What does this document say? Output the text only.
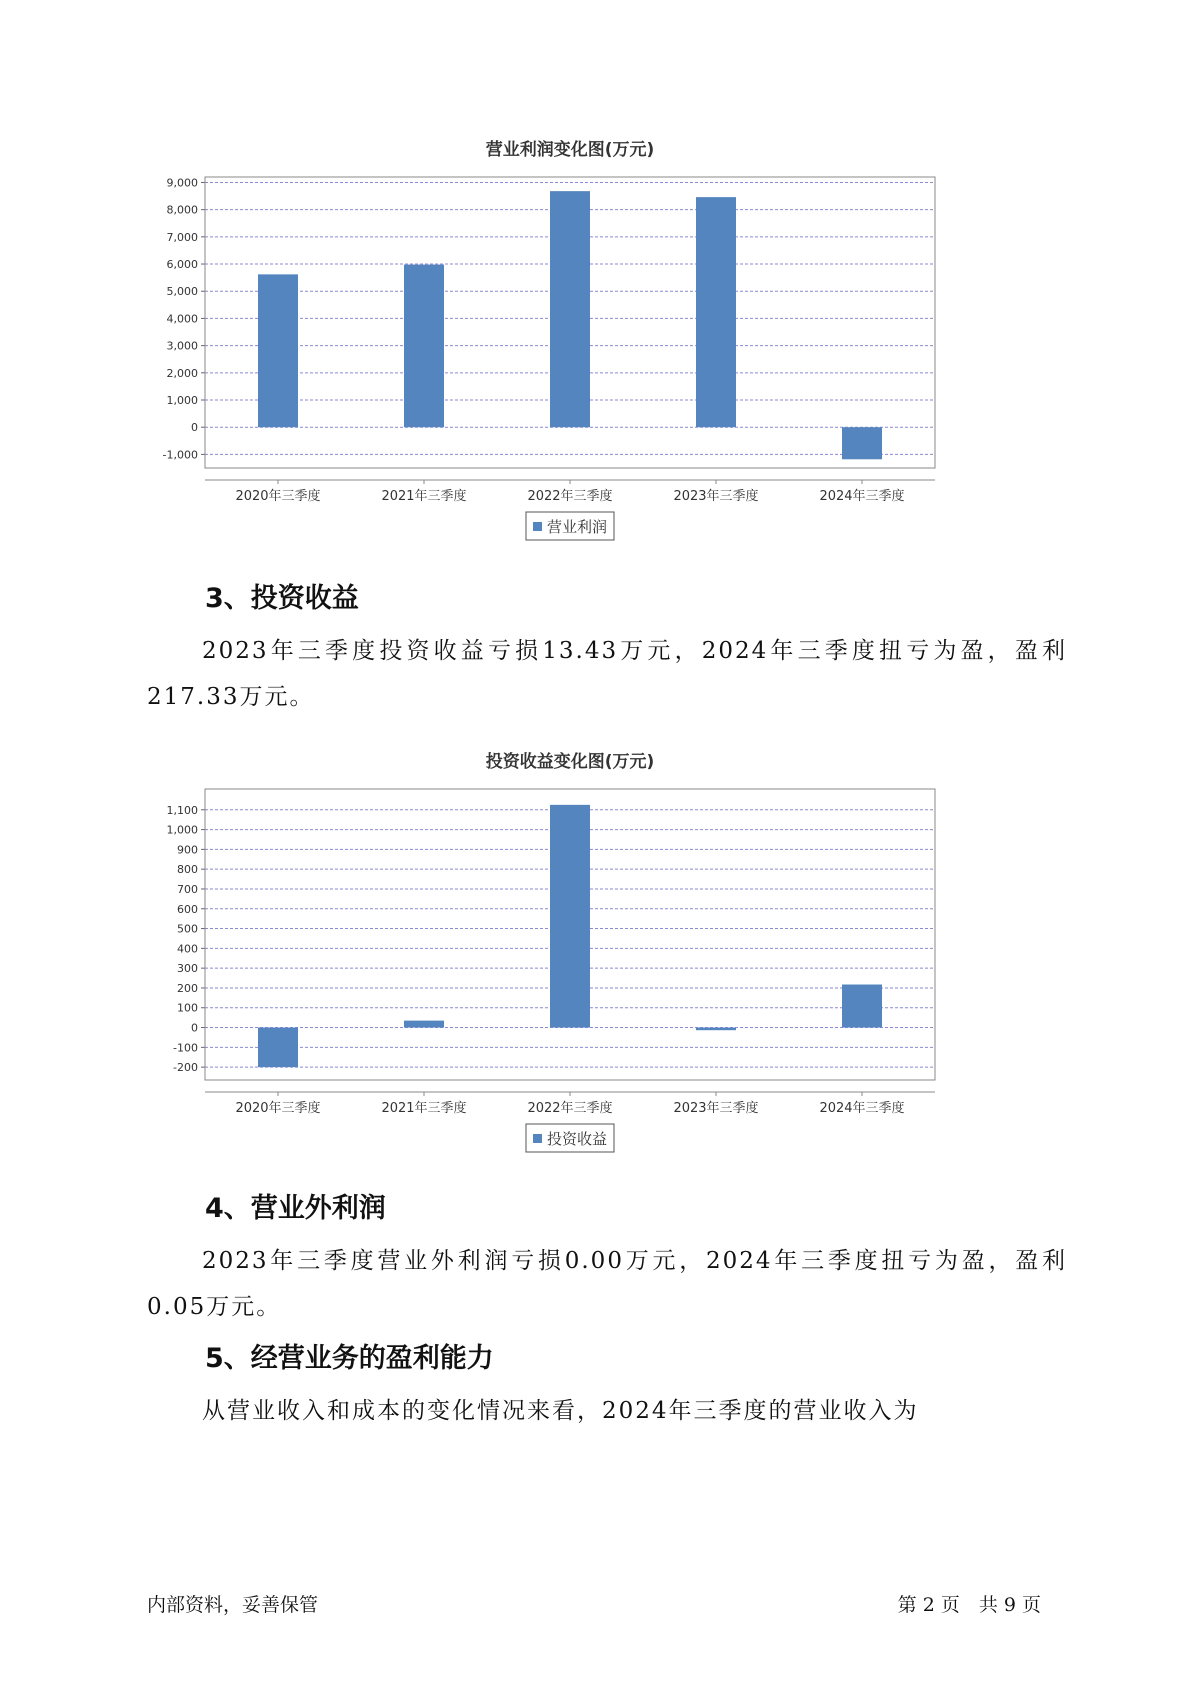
营业利润变化图(万元)
-1,000
0
1,000
2,000
3,000
4,000
5,000
6,000
7,000
8,000
9,000
2020年三季度	2021年三季度	2022年三季度	2023年三季度	2024年三季度
营业利润
3、投资收益

2023年三季度投资收益亏损13.43万元，2024年三季度扭亏为盈，盈利217.33万元。

投资收益变化图(万元)
-200
-100
0
100
200
300
400
500
600
700
800
900
1,000
1,100
2020年三季度	2021年三季度	2022年三季度	2023年三季度	2024年三季度
投资收益
4、营业外利润

2023年三季度营业外利润亏损0.00万元，2024年三季度扭亏为盈，盈利0.05万元。

5、经营业务的盈利能力

从营业收入和成本的变化情况来看，2024年三季度的营业收入为

内部资料，妥善保管	第 2 页　共 9 页
